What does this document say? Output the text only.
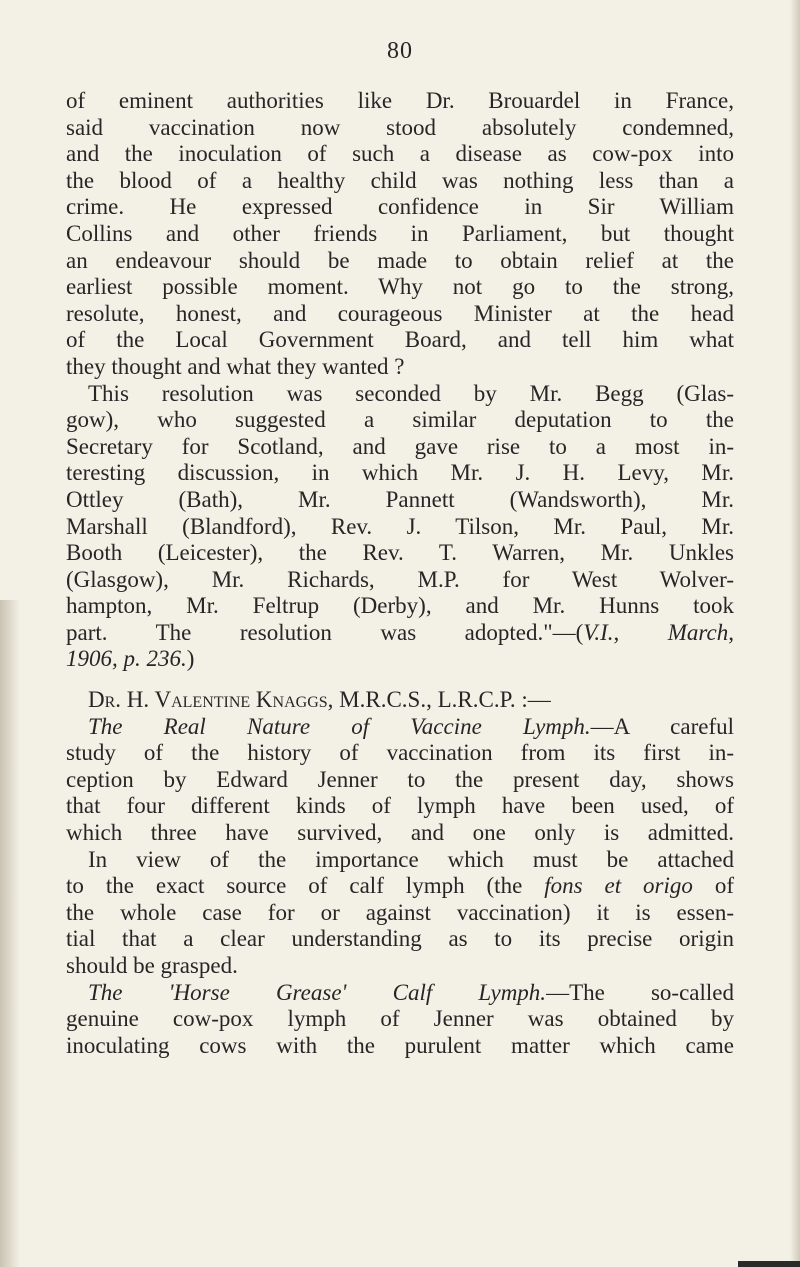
80
of eminent authorities like Dr. Brouardel in France,
said vaccination now stood absolutely condemned,
and the inoculation of such a disease as cow-pox into
the blood of a healthy child was nothing less than a
crime. He expressed confidence in Sir William
Collins and other friends in Parliament, but thought
an endeavour should be made to obtain relief at the
earliest possible moment. Why not go to the strong,
resolute, honest, and courageous Minister at the head
of the Local Government Board, and tell him what
they thought and what they wanted ?
This resolution was seconded by Mr. Begg (Glas-
gow), who suggested a similar deputation to the
Secretary for Scotland, and gave rise to a most in-
teresting discussion, in which Mr. J. H. Levy, Mr.
Ottley (Bath), Mr. Pannett (Wandsworth), Mr.
Marshall (Blandford), Rev. J. Tilson, Mr. Paul, Mr.
Booth (Leicester), the Rev. T. Warren, Mr. Unkles
(Glasgow), Mr. Richards, M.P. for West Wolver-
hampton, Mr. Feltrup (Derby), and Mr. Hunns took
part. The resolution was adopted."—(V.I., March,
1906, p. 236.)
Dr. H. Valentine Knaggs, M.R.C.S., L.R.C.P. :—
The Real Nature of Vaccine Lymph.—A careful
study of the history of vaccination from its first in-
ception by Edward Jenner to the present day, shows
that four different kinds of lymph have been used, of
which three have survived, and one only is admitted.
In view of the importance which must be attached
to the exact source of calf lymph (the fons et origo of
the whole case for or against vaccination) it is essen-
tial that a clear understanding as to its precise origin
should be grasped.
The 'Horse Grease' Calf Lymph.—The so-called
genuine cow-pox lymph of Jenner was obtained by
inoculating cows with the purulent matter which came
